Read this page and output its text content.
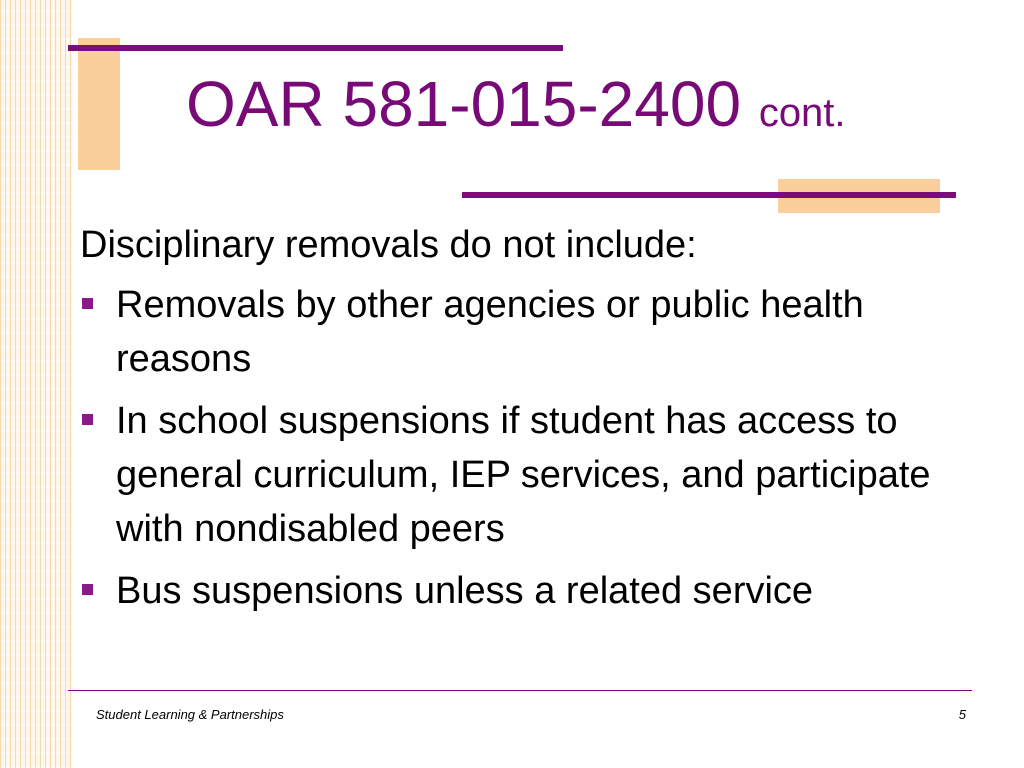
OAR 581-015-2400 cont.

Disciplinary removals do not include:

Removals by other agencies or public health reasons
In school suspensions if student has access to general curriculum, IEP services, and participate with nondisabled peers
Bus suspensions unless a related service
Student Learning & Partnerships	5
